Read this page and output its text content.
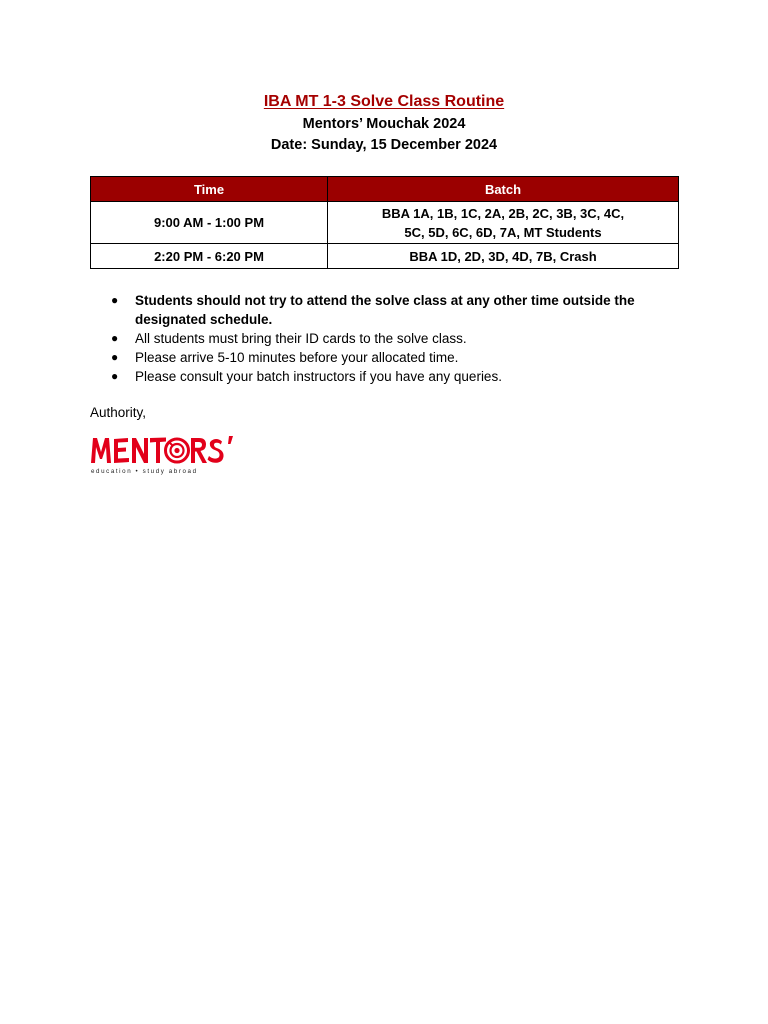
IBA MT 1-3 Solve Class Routine
Mentors’ Mouchak 2024
Date: Sunday, 15 December 2024
Time	Batch
9:00 AM - 1:00 PM	BBA 1A, 1B, 1C, 2A, 2B, 2C, 3B, 3C, 4C,
5C, 5D, 6C, 6D, 7A, MT Students

2:20 PM - 6:20 PM	BBA 1D, 2D, 3D, 4D, 7B, Crash
● Students should not try to attend the solve class at any other time outside the designated schedule.
● All students must bring their ID cards to the solve class.
● Please arrive 5-10 minutes before your allocated time.
● Please consult your batch instructors if you have any queries.
Authority,
education • study abroad
